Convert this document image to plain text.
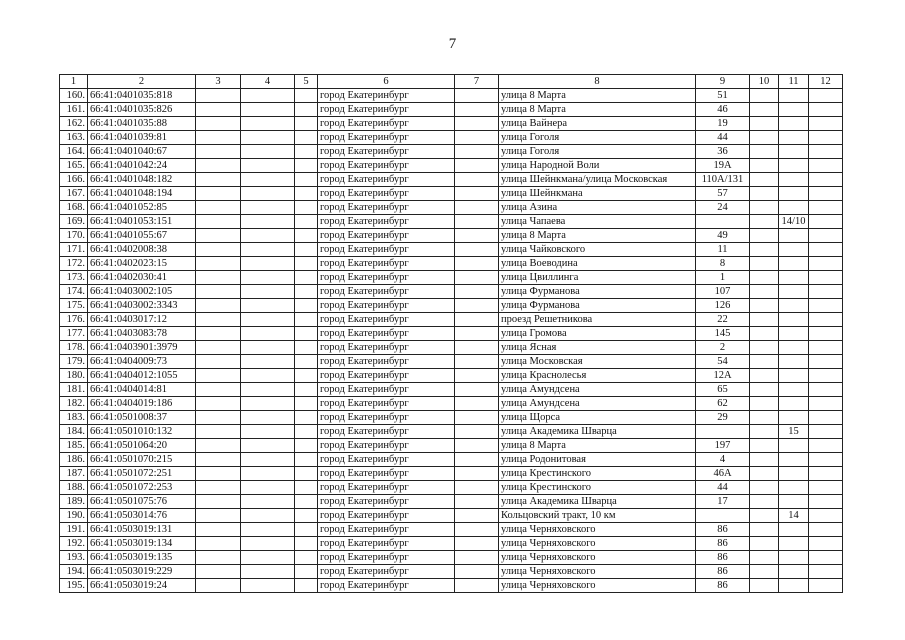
7
1	2	3	4	5	6	7	8	9	10	11	12
160.	66:41:0401035:818				город Екатеринбург		улица 8 Марта	51			
161.	66:41:0401035:826				город Екатеринбург		улица 8 Марта	46			
162.	66:41:0401035:88				город Екатеринбург		улица Вайнера	19			
163.	66:41:0401039:81				город Екатеринбург		улица Гоголя	44			
164.	66:41:0401040:67				город Екатеринбург		улица Гоголя	36			
165.	66:41:0401042:24				город Екатеринбург		улица Народной Воли	19А			
166.	66:41:0401048:182				город Екатеринбург		улица Шейнкмана/улица Московская	110А/131			
167.	66:41:0401048:194				город Екатеринбург		улица Шейнкмана	57			
168.	66:41:0401052:85				город Екатеринбург		улица Азина	24			
169.	66:41:0401053:151				город Екатеринбург		улица Чапаева			14/10	
170.	66:41:0401055:67				город Екатеринбург		улица 8 Марта	49			
171.	66:41:0402008:38				город Екатеринбург		улица Чайковского	11			
172.	66:41:0402023:15				город Екатеринбург		улица Воеводина	8			
173.	66:41:0402030:41				город Екатеринбург		улица Цвиллинга	1			
174.	66:41:0403002:105				город Екатеринбург		улица Фурманова	107			
175.	66:41:0403002:3343				город Екатеринбург		улица Фурманова	126			
176.	66:41:0403017:12				город Екатеринбург		проезд Решетникова	22			
177.	66:41:0403083:78				город Екатеринбург		улица Громова	145			
178.	66:41:0403901:3979				город Екатеринбург		улица Ясная	2			
179.	66:41:0404009:73				город Екатеринбург		улица Московская	54			
180.	66:41:0404012:1055				город Екатеринбург		улица Краснолесья	12А			
181.	66:41:0404014:81				город Екатеринбург		улица Амундсена	65			
182.	66:41:0404019:186				город Екатеринбург		улица Амундсена	62			
183.	66:41:0501008:37				город Екатеринбург		улица Щорса	29			
184.	66:41:0501010:132				город Екатеринбург		улица Академика Шварца			15	
185.	66:41:0501064:20				город Екатеринбург		улица 8 Марта	197			
186.	66:41:0501070:215				город Екатеринбург		улица Родонитовая	4			
187.	66:41:0501072:251				город Екатеринбург		улица Крестинского	46А			
188.	66:41:0501072:253				город Екатеринбург		улица Крестинского	44			
189.	66:41:0501075:76				город Екатеринбург		улица Академика Шварца	17			
190.	66:41:0503014:76				город Екатеринбург		Кольцовский тракт, 10 км			14	
191.	66:41:0503019:131				город Екатеринбург		улица Черняховского	86			
192.	66:41:0503019:134				город Екатеринбург		улица Черняховского	86			
193.	66:41:0503019:135				город Екатеринбург		улица Черняховского	86			
194.	66:41:0503019:229				город Екатеринбург		улица Черняховского	86			
195.	66:41:0503019:24				город Екатеринбург		улица Черняховского	86			
